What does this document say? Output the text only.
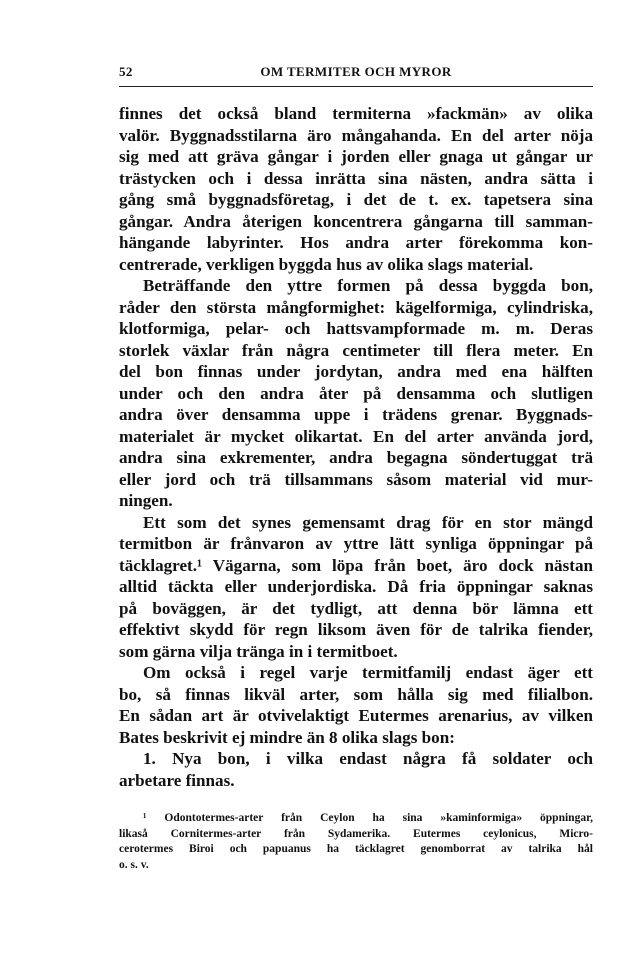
52	OM TERMITER OCH MYROR
finnes det också bland termiterna »fackmän» av olika
valör. Byggnadsstilarna äro mångahanda. En del arter nöja
sig med att gräva gångar i jorden eller gnaga ut gångar ur
trästycken och i dessa inrätta sina nästen, andra sätta i
gång små byggnadsföretag, i det de t. ex. tapetsera sina
gångar. Andra återigen koncentrera gångarna till samman-
hängande labyrinter. Hos andra arter förekomma kon-
centrerade, verkligen byggda hus av olika slags material.
Beträffande den yttre formen på dessa byggda bon,
råder den största mångformighet: kägelformiga, cylindriska,
klotformiga, pelar- och hattsvampformade m. m. Deras
storlek växlar från några centimeter till flera meter. En
del bon finnas under jordytan, andra med ena hälften
under och den andra åter på densamma och slutligen
andra över densamma uppe i trädens grenar. Byggnads-
materialet är mycket olikartat. En del arter använda jord,
andra sina exkrementer, andra begagna söndertuggat trä
eller jord och trä tillsammans såsom material vid mur-
ningen.
Ett som det synes gemensamt drag för en stor mängd
termitbon är frånvaron av yttre lätt synliga öppningar på
täcklagret.¹ Vägarna, som löpa från boet, äro dock nästan
alltid täckta eller underjordiska. Då fria öppningar saknas
på boväggen, är det tydligt, att denna bör lämna ett
effektivt skydd för regn liksom även för de talrika fiender,
som gärna vilja tränga in i termitboet.
Om också i regel varje termitfamilj endast äger ett
bo, så finnas likväl arter, som hålla sig med filialbon.
En sådan art är otvivelaktigt Eutermes arenarius, av vilken
Bates beskrivit ej mindre än 8 olika slags bon:
1. Nya bon, i vilka endast några få soldater och
arbetare finnas.
¹ Odontotermes-arter från Ceylon ha sina »kaminformiga» öppningar,
likaså Cornitermes-arter från Sydamerika. Eutermes ceylonicus, Micro-
cerotermes Biroi och papuanus ha täcklagret genomborrat av talrika hål
o. s. v.
